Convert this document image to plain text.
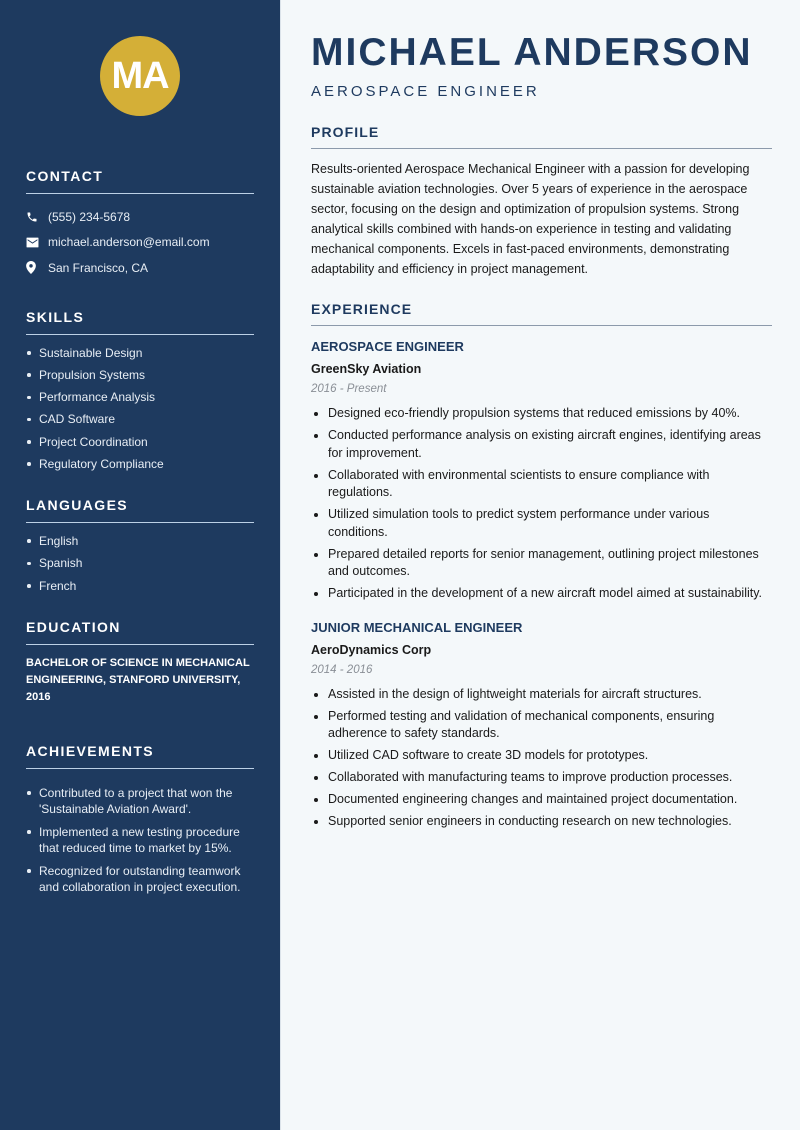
MA
CONTACT
(555) 234-5678
michael.anderson@email.com
San Francisco, CA
SKILLS
Sustainable Design
Propulsion Systems
Performance Analysis
CAD Software
Project Coordination
Regulatory Compliance
LANGUAGES
English
Spanish
French
EDUCATION

BACHELOR OF SCIENCE IN MECHANICAL ENGINEERING, STANFORD UNIVERSITY, 2016

ACHIEVEMENTS
Contributed to a project that won the 'Sustainable Aviation Award'.
Implemented a new testing procedure that reduced time to market by 15%.
Recognized for outstanding teamwork and collaboration in project execution.
MICHAEL ANDERSON
AEROSPACE ENGINEER
PROFILE

Results-oriented Aerospace Mechanical Engineer with a passion for developing sustainable aviation technologies. Over 5 years of experience in the aerospace sector, focusing on the design and optimization of propulsion systems. Strong analytical skills combined with hands-on experience in testing and validating mechanical components. Excels in fast-paced environments, demonstrating adaptability and efficiency in project management.

EXPERIENCE
AEROSPACE ENGINEER
GreenSky Aviation
2016 - Present
Designed eco-friendly propulsion systems that reduced emissions by 40%.
Conducted performance analysis on existing aircraft engines, identifying areas for improvement.
Collaborated with environmental scientists to ensure compliance with regulations.
Utilized simulation tools to predict system performance under various conditions.
Prepared detailed reports for senior management, outlining project milestones and outcomes.
Participated in the development of a new aircraft model aimed at sustainability.
JUNIOR MECHANICAL ENGINEER
AeroDynamics Corp
2014 - 2016
Assisted in the design of lightweight materials for aircraft structures.
Performed testing and validation of mechanical components, ensuring adherence to safety standards.
Utilized CAD software to create 3D models for prototypes.
Collaborated with manufacturing teams to improve production processes.
Documented engineering changes and maintained project documentation.
Supported senior engineers in conducting research on new technologies.
